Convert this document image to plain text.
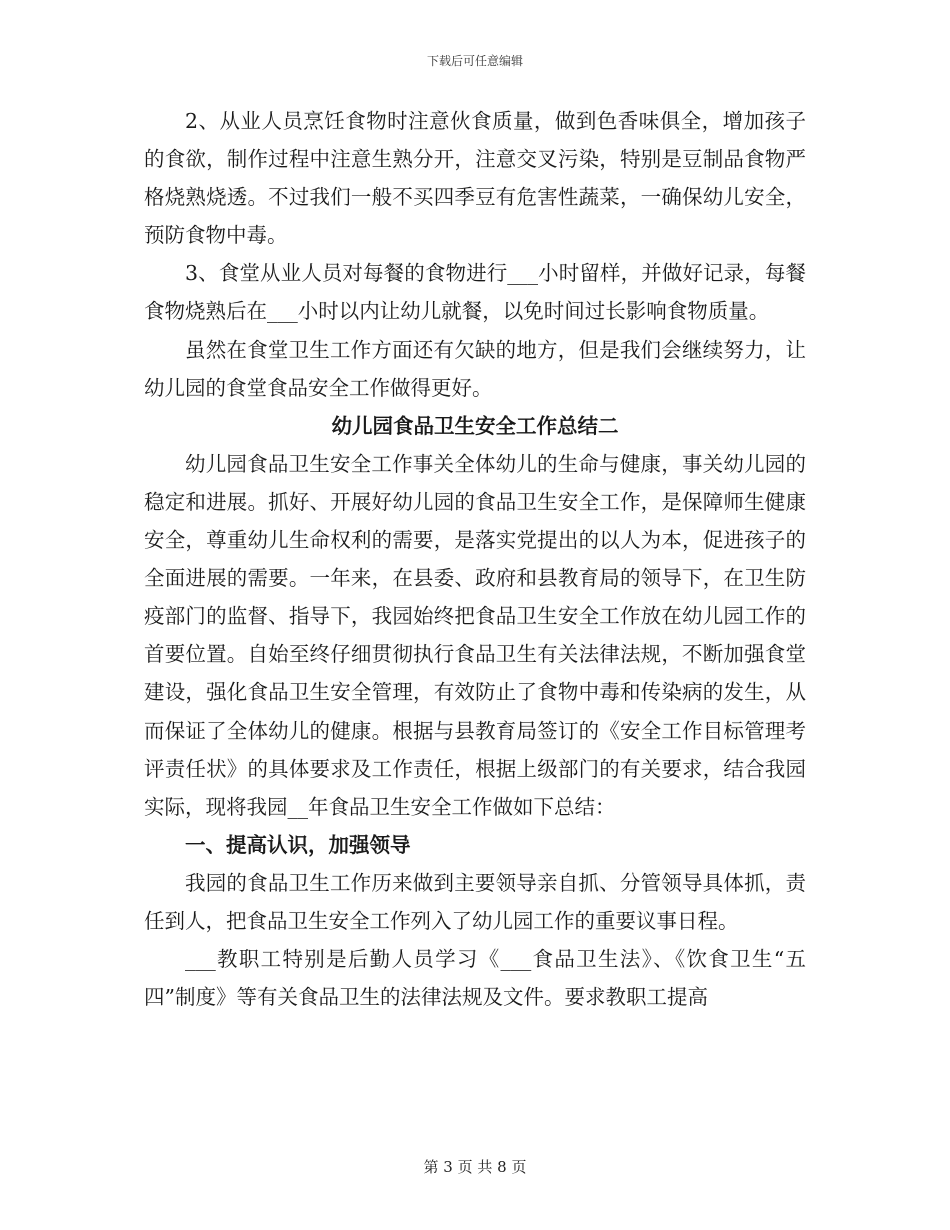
下载后可任意编辑

2、从业人员烹饪食物时注意伙食质量，做到色香味俱全，增加孩子的食欲，制作过程中注意生熟分开，注意交叉污染，特别是豆制品食物严格烧熟烧透。不过我们一般不买四季豆有危害性蔬菜，一确保幼儿安全，预防食物中毒。

3、食堂从业人员对每餐的食物进行___小时留样，并做好记录，每餐食物烧熟后在___小时以内让幼儿就餐，以免时间过长影响食物质量。

虽然在食堂卫生工作方面还有欠缺的地方，但是我们会继续努力，让幼儿园的食堂食品安全工作做得更好。

幼儿园食品卫生安全工作总结二

幼儿园食品卫生安全工作事关全体幼儿的生命与健康，事关幼儿园的稳定和进展。抓好、开展好幼儿园的食品卫生安全工作，是保障师生健康安全，尊重幼儿生命权利的需要，是落实党提出的以人为本，促进孩子的全面进展的需要。一年来，在县委、政府和县教育局的领导下，在卫生防疫部门的监督、指导下，我园始终把食品卫生安全工作放在幼儿园工作的首要位置。自始至终仔细贯彻执行食品卫生有关法律法规，不断加强食堂建设，强化食品卫生安全管理，有效防止了食物中毒和传染病的发生，从而保证了全体幼儿的健康。根据与县教育局签订的《安全工作目标管理考评责任状》的具体要求及工作责任，根据上级部门的有关要求，结合我园实际，现将我园__年食品卫生安全工作做如下总结：

一、提高认识，加强领导

我园的食品卫生工作历来做到主要领导亲自抓、分管领导具体抓，责任到人，把食品卫生安全工作列入了幼儿园工作的重要议事日程。

___教职工特别是后勤人员学习《___食品卫生法》、《饮食卫生“五四”制度》等有关食品卫生的法律法规及文件。要求教职工提高

第 3 页 共 8 页
